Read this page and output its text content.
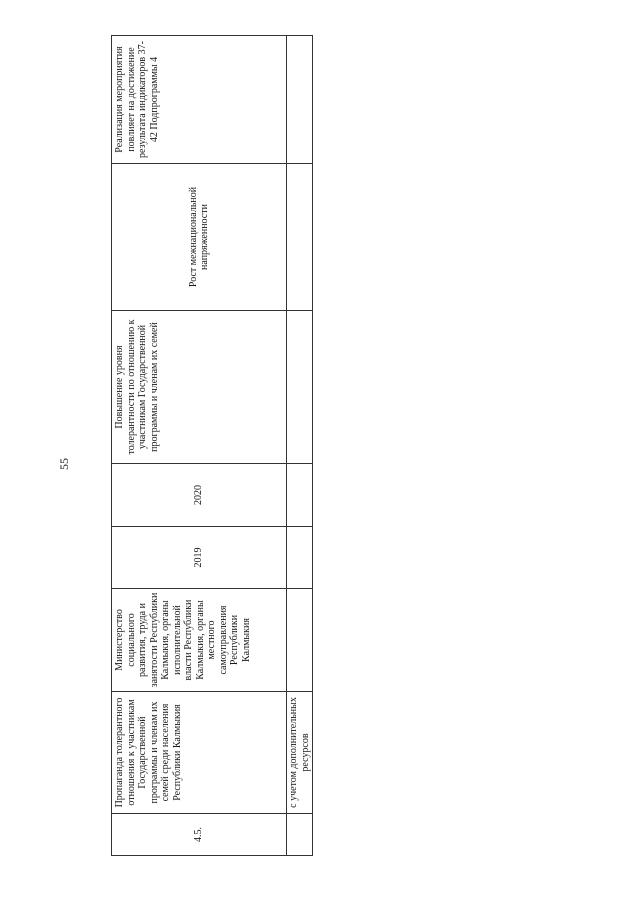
55
4.5.	Пропаганда толерантного отношения к участникам Государственной программы и членам их семей среди населения Республики Калмыкия	Министерство социального развития, труда и занятости Республики Калмыкия, органы исполнительной власти Республики Калмыкия, органы местного самоуправления Республики Калмыкия	2019	2020	Повышение уровня толерантности по отношению к участникам Государственной программы и членам их семей	Рост межнациональной напряженности	Реализация мероприятия повлияет на достижение результата индикаторов 37-42 Подпрограммы 4
	с учетом дополнительных ресурсов						
